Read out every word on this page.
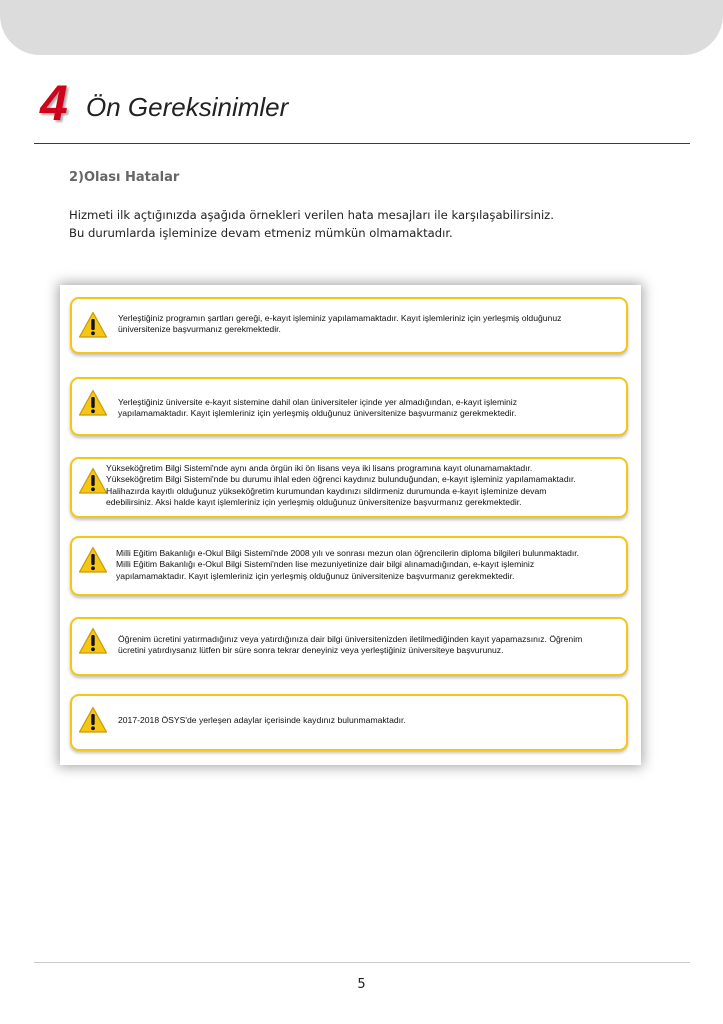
4 Ön Gereksinimler
2)Olası Hatalar
Hizmeti ilk açtığınızda aşağıda örnekleri verilen hata mesajları ile karşılaşabilirsiniz.
Bu durumlarda işleminize devam etmeniz mümkün olmamaktadır.
Yerleştiğiniz programın şartları gereği, e-kayıt işleminiz yapılamamaktadır. Kayıt işlemleriniz için yerleşmiş olduğunuz
üniversitenize başvurmanız gerekmektedir.
Yerleştiğiniz üniversite e-kayıt sistemine dahil olan üniversiteler içinde yer almadığından, e-kayıt işleminiz
yapılamamaktadır. Kayıt işlemleriniz için yerleşmiş olduğunuz üniversitenize başvurmanız gerekmektedir.
Yükseköğretim Bilgi Sistemi'nde aynı anda örgün iki ön lisans veya iki lisans programına kayıt olunamamaktadır.
Yükseköğretim Bilgi Sistemi'nde bu durumu ihlal eden öğrenci kaydınız bulunduğundan, e-kayıt işleminiz yapılamamaktadır.
Halihazırda kayıtlı olduğunuz yükseköğretim kurumundan kaydınızı sildirmeniz durumunda e-kayıt işleminize devam
edebilirsiniz. Aksi halde kayıt işlemleriniz için yerleşmiş olduğunuz üniversitenize başvurmanız gerekmektedir.
Milli Eğitim Bakanlığı e-Okul Bilgi Sistemi'nde 2008 yılı ve sonrası mezun olan öğrencilerin diploma bilgileri bulunmaktadır.
Milli Eğitim Bakanlığı e-Okul Bilgi Sistemi'nden lise mezuniyetinize dair bilgi alınamadığından, e-kayıt işleminiz
yapılamamaktadır. Kayıt işlemleriniz için yerleşmiş olduğunuz üniversitenize başvurmanız gerekmektedir.
Öğrenim ücretini yatırmadığınız veya yatırdığınıza dair bilgi üniversitenizden iletilmediğinden kayıt yapamazsınız. Öğrenim
ücretini yatırdıysanız lütfen bir süre sonra tekrar deneyiniz veya yerleştiğiniz üniversiteye başvurunuz.
2017-2018 ÖSYS'de yerleşen adaylar içerisinde kaydınız bulunmamaktadır.
5
